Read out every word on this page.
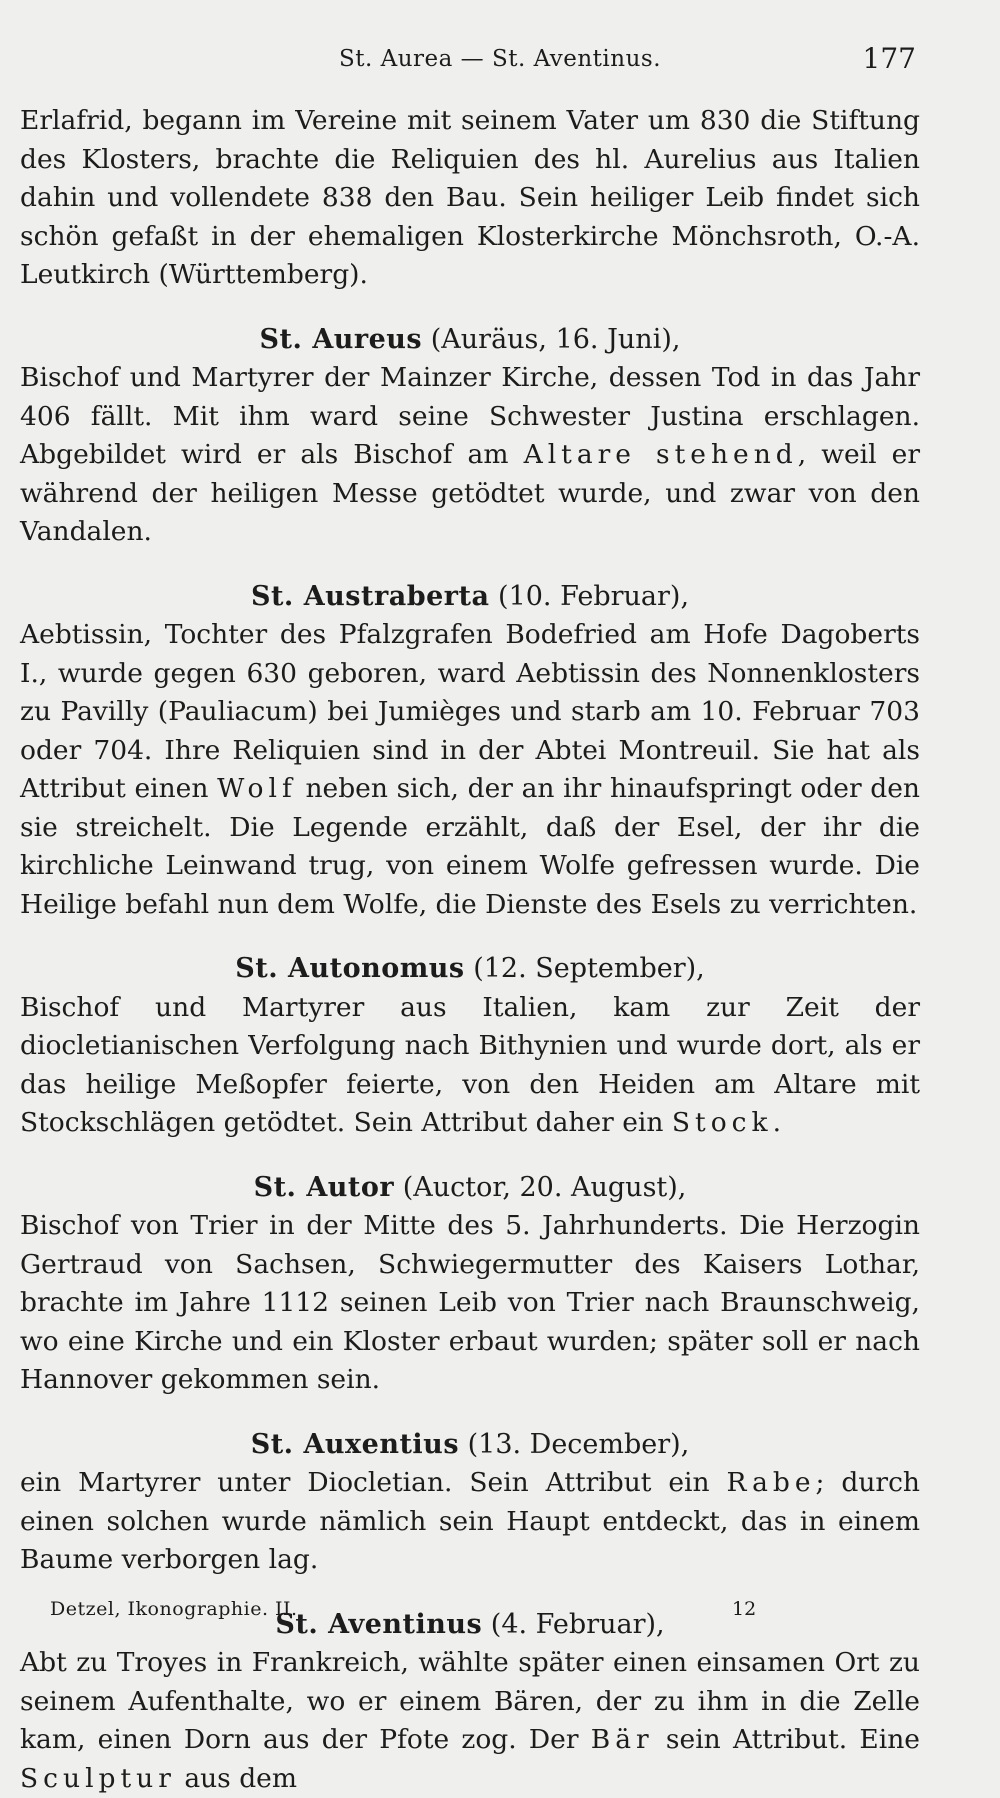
St. Aurea — St. Aventinus.	177

Erlafrid, begann im Vereine mit seinem Vater um 830 die Stiftung des Klosters, brachte die Reliquien des hl. Aurelius aus Italien dahin und vollendete 838 den Bau. Sein heiliger Leib findet sich schön gefaßt in der ehemaligen Klosterkirche Mönchsroth, O.-A. Leutkirch (Württemberg).

St. Aureus (Auräus, 16. Juni),

Bischof und Martyrer der Mainzer Kirche, dessen Tod in das Jahr 406 fällt. Mit ihm ward seine Schwester Justina erschlagen. Abgebildet wird er als Bischof am Altare stehend, weil er während der heiligen Messe getödtet wurde, und zwar von den Vandalen.

St. Austraberta (10. Februar),

Aebtissin, Tochter des Pfalzgrafen Bodefried am Hofe Dagoberts I., wurde gegen 630 geboren, ward Aebtissin des Nonnenklosters zu Pavilly (Pauliacum) bei Jumièges und starb am 10. Februar 703 oder 704. Ihre Reliquien sind in der Abtei Montreuil. Sie hat als Attribut einen Wolf neben sich, der an ihr hinaufspringt oder den sie streichelt. Die Legende erzählt, daß der Esel, der ihr die kirchliche Leinwand trug, von einem Wolfe gefressen wurde. Die Heilige befahl nun dem Wolfe, die Dienste des Esels zu verrichten.

St. Autonomus (12. September),

Bischof und Martyrer aus Italien, kam zur Zeit der diocletianischen Verfolgung nach Bithynien und wurde dort, als er das heilige Meßopfer feierte, von den Heiden am Altare mit Stockschlägen getödtet. Sein Attribut daher ein Stock.

St. Autor (Auctor, 20. August),

Bischof von Trier in der Mitte des 5. Jahrhunderts. Die Herzogin Gertraud von Sachsen, Schwiegermutter des Kaisers Lothar, brachte im Jahre 1112 seinen Leib von Trier nach Braunschweig, wo eine Kirche und ein Kloster erbaut wurden; später soll er nach Hannover gekommen sein.

St. Auxentius (13. December),

ein Martyrer unter Diocletian. Sein Attribut ein Rabe; durch einen solchen wurde nämlich sein Haupt entdeckt, das in einem Baume verborgen lag.

St. Aventinus (4. Februar),

Abt zu Troyes in Frankreich, wählte später einen einsamen Ort zu seinem Aufenthalte, wo er einem Bären, der zu ihm in die Zelle kam, einen Dorn aus der Pfote zog. Der Bär sein Attribut. Eine Sculptur aus dem

Detzel, Ikonographie. II.	12
